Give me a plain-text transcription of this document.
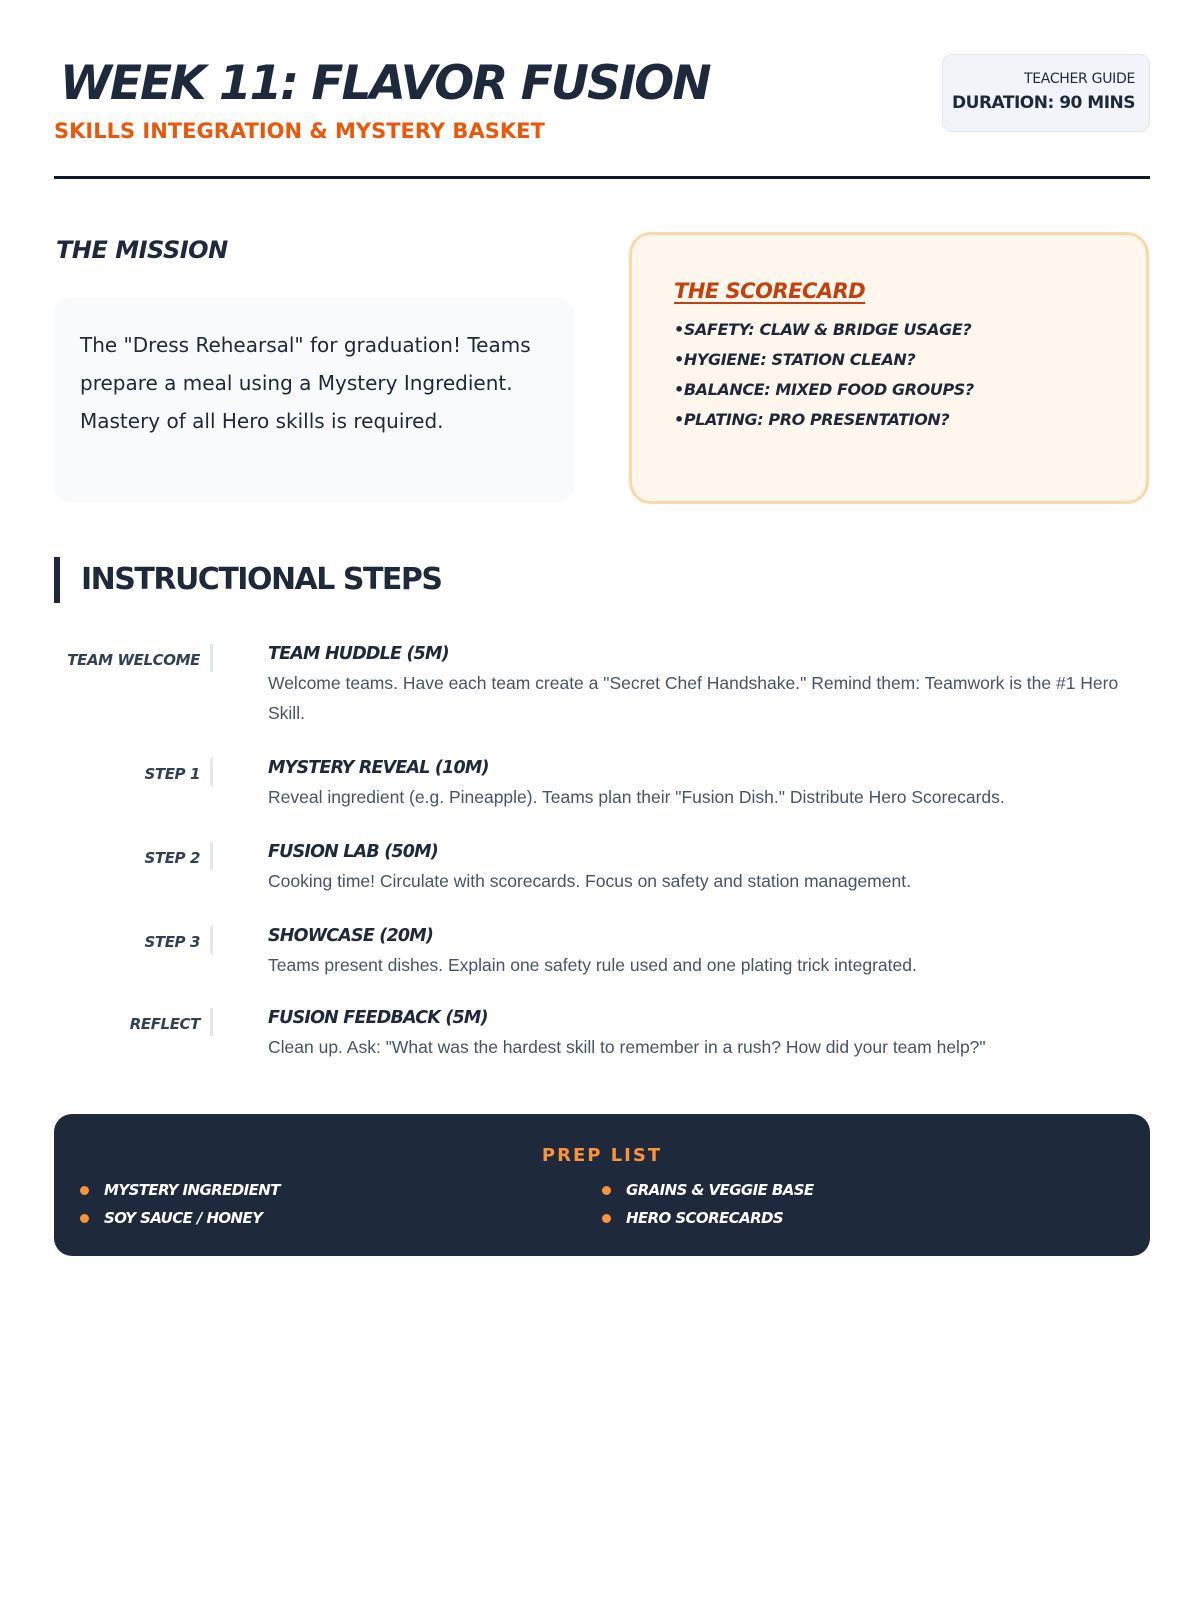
WEEK 11: FLAVOR FUSION
SKILLS INTEGRATION & MYSTERY BASKET
TEACHER GUIDE
DURATION: 90 MINS
THE MISSION

The "Dress Rehearsal" for graduation! Teams prepare a meal using a Mystery Ingredient. Mastery of all Hero skills is required.

THE SCORECARD
• SAFETY: CLAW & BRIDGE USAGE?
• HYGIENE: STATION CLEAN?
• BALANCE: MIXED FOOD GROUPS?
• PLATING: PRO PRESENTATION?
INSTRUCTIONAL STEPS
TEAM WELCOME	TEAM HUDDLE (5M)
Welcome teams. Have each team create a "Secret Chef Handshake." Remind them: Teamwork is the #1 Hero Skill.
STEP 1	MYSTERY REVEAL (10M)
Reveal ingredient (e.g. Pineapple). Teams plan their "Fusion Dish." Distribute Hero Scorecards.
STEP 2	FUSION LAB (50M)
Cooking time! Circulate with scorecards. Focus on safety and station management.
STEP 3	SHOWCASE (20M)
Teams present dishes. Explain one safety rule used and one plating trick integrated.
REFLECT	FUSION FEEDBACK (5M)
Clean up. Ask: "What was the hardest skill to remember in a rush? How did your team help?"
PREP LIST
MYSTERY INGREDIENT
SOY SAUCE / HONEY
GRAINS & VEGGIE BASE
HERO SCORECARDS
